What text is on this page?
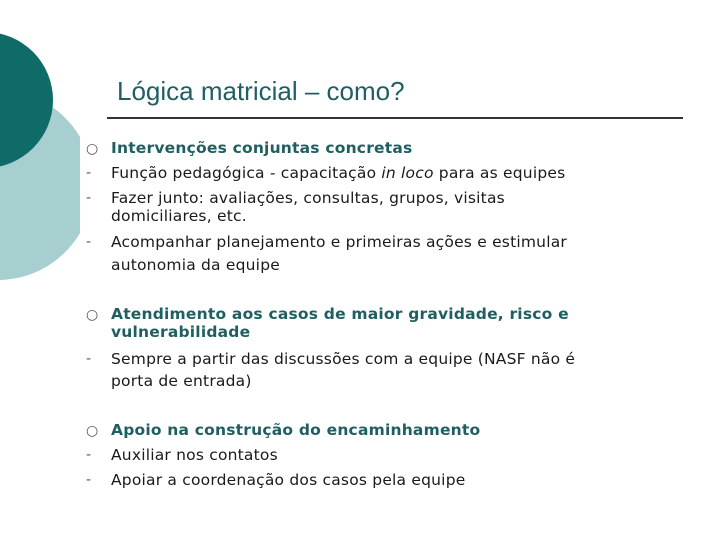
Lógica matricial – como?
○ Intervenções conjuntas concretas
- Função pedagógica - capacitação in loco para as equipes
- Fazer junto: avaliações, consultas, grupos, visitas
domiciliares, etc.
- Acompanhar planejamento e primeiras ações e estimular
autonomia da equipe
○ Atendimento aos casos de maior gravidade, risco e
vulnerabilidade
- Sempre a partir das discussões com a equipe (NASF não é
porta de entrada)
○ Apoio na construção do encaminhamento
- Auxiliar nos contatos
- Apoiar a coordenação dos casos pela equipe
